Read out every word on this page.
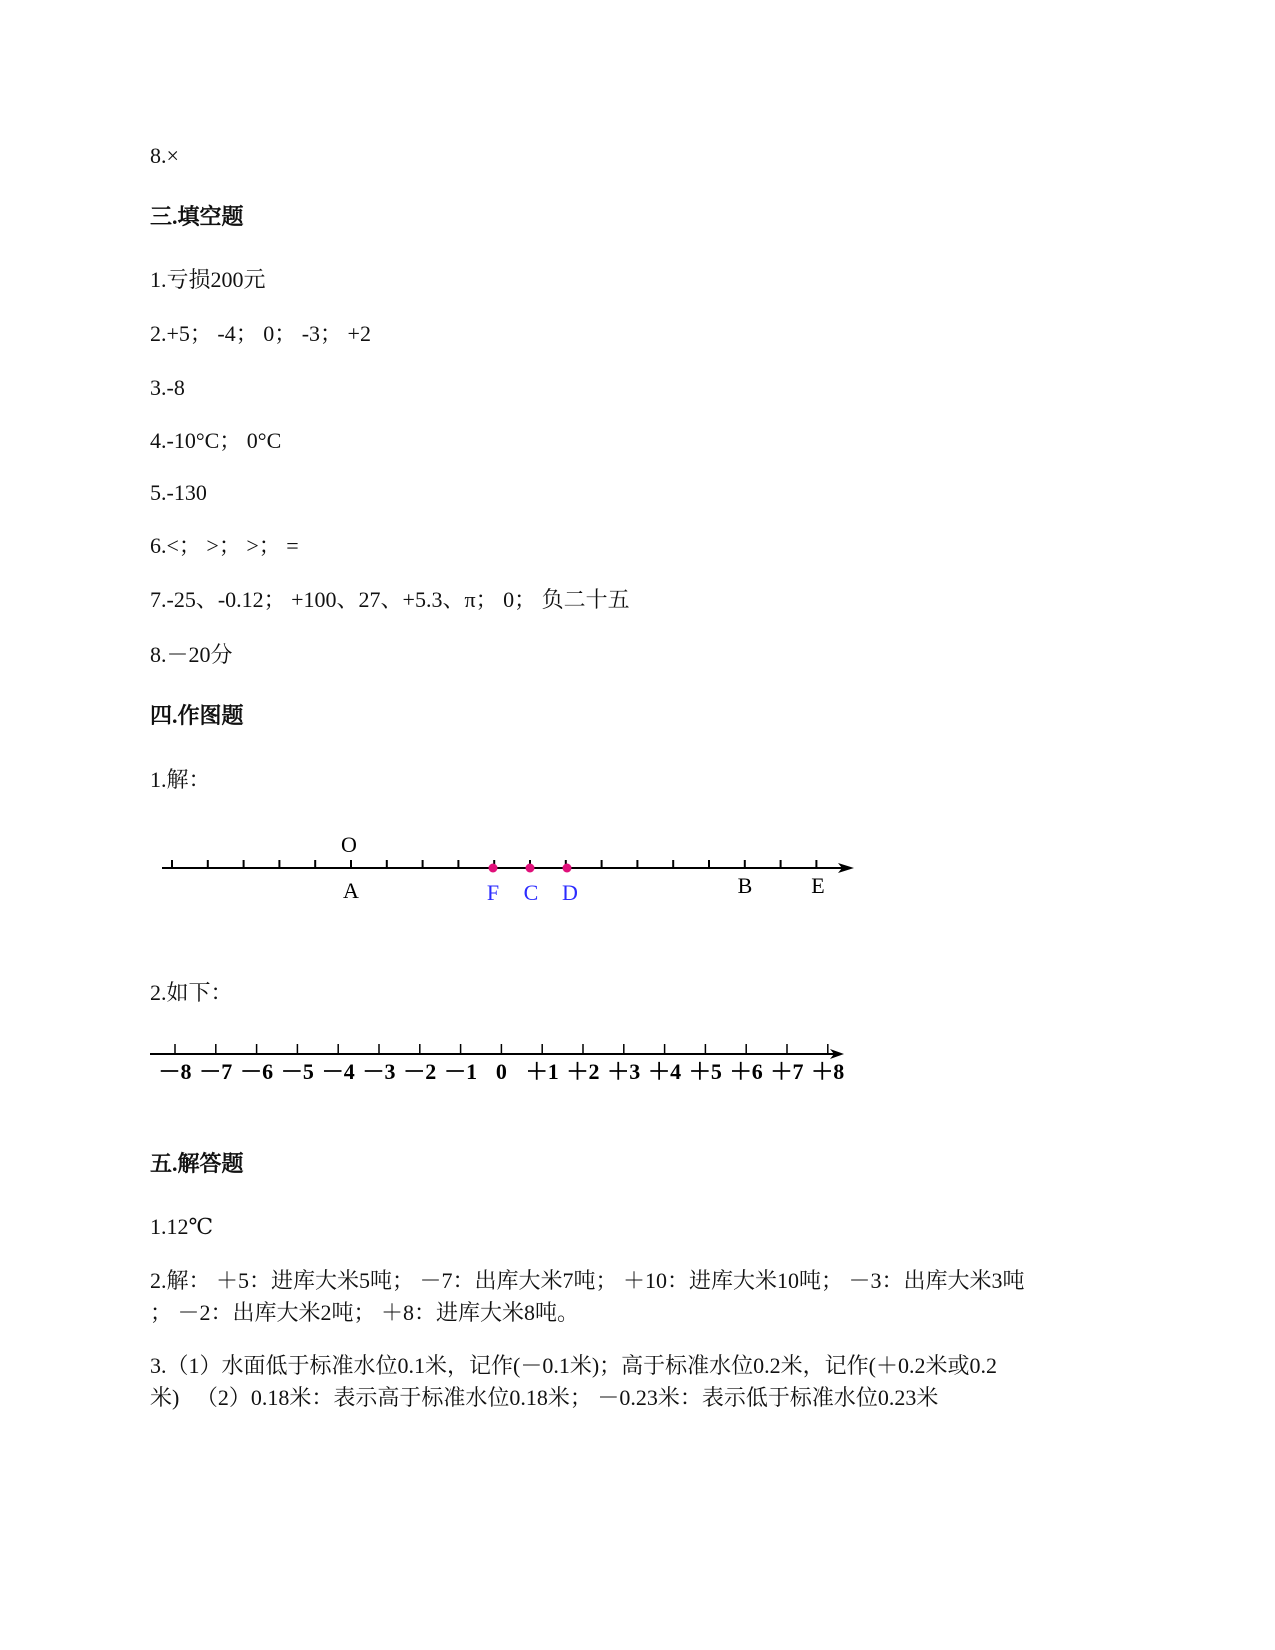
8.×
三.填空题
1.亏损200元
2.+5； -4； 0； -3； +2
3.-8
4.-10°C； 0°C
5.-130
6.<； >； >； =
7.-25、-0.12； +100、27、+5.3、π； 0； 负二十五
8.－20分
四.作图题
1.解：
O
A	F C D	B	E
2.如下：
－8 －7 －6 －5 －4 －3 －2 －1 0 ＋1 ＋2 ＋3 ＋4 ＋5 ＋6 ＋7 ＋8
五.解答题
1.12℃
2.解： ＋5：进库大米5吨； －7：出库大米7吨； ＋10：进库大米10吨； －3：出库大米3吨
； －2：出库大米2吨； ＋8：进库大米8吨。
3.（1）水面低于标准水位0.1米，记作(－0.1米)；高于标准水位0.2米，记作(＋0.2米或0.2
米)   （2）0.18米：表示高于标准水位0.18米； －0.23米：表示低于标准水位0.23米
